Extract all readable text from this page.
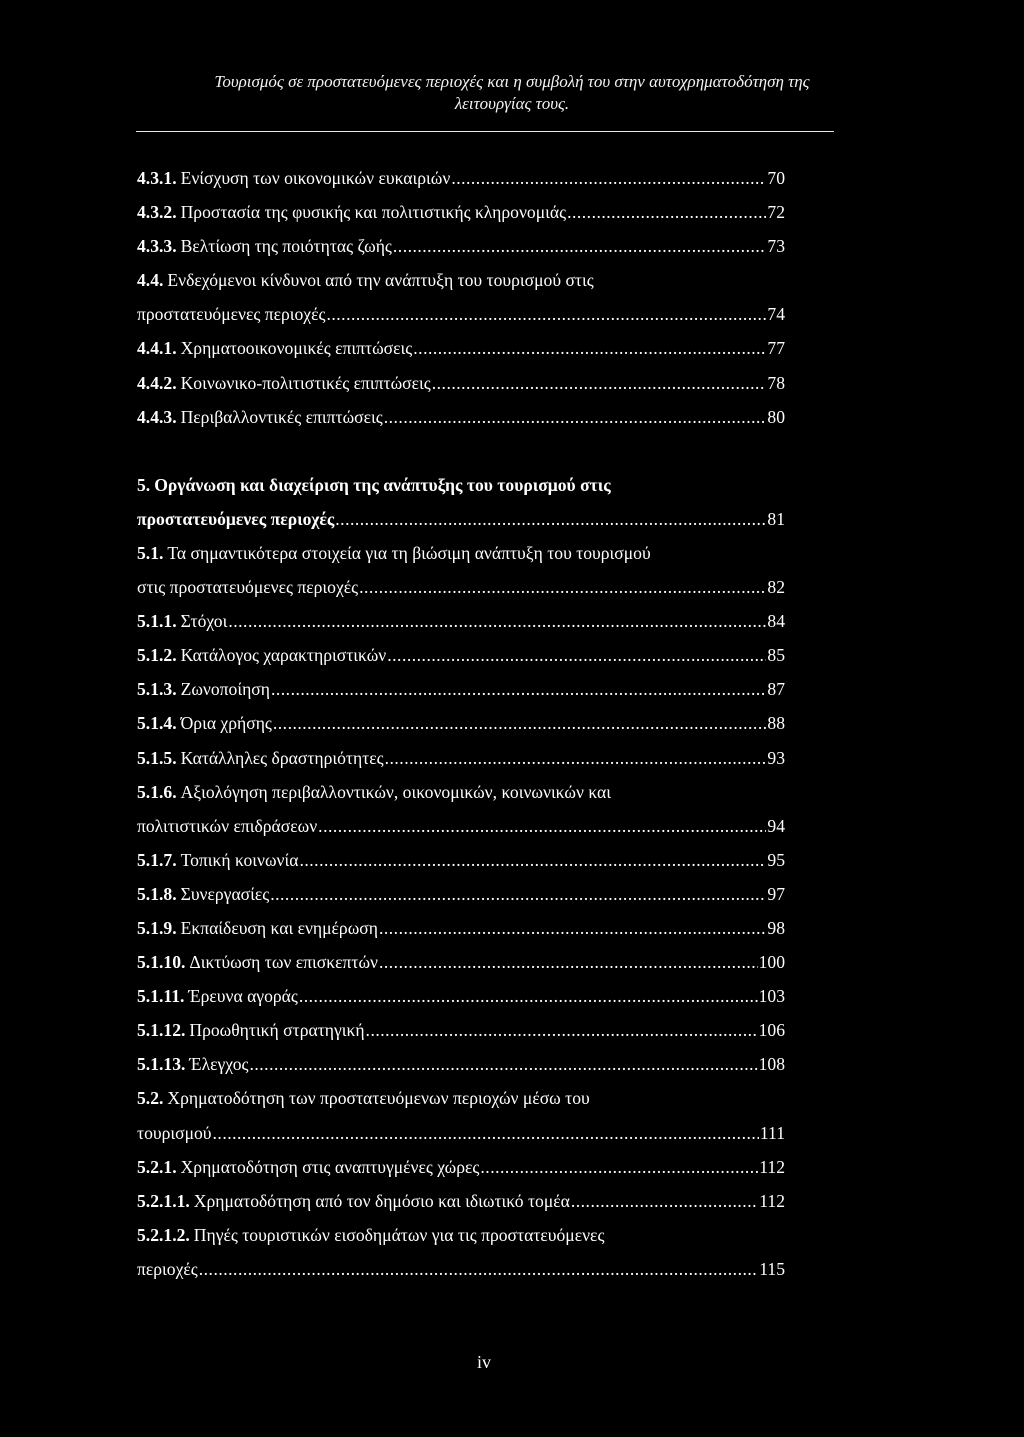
Τουρισμός σε προστατευόμενες περιοχές και η συμβολή του στην αυτοχρηματοδότηση της
λειτουργίας τους.
4.3.1. Ενίσχυση των οικονομικών ευκαιριών .....	70
4.3.2. Προστασία της φυσικής και πολιτιστικής κληρονομιάς .....	72
4.3.3. Βελτίωση της ποιότητας ζωής .....	73
4.4. Ενδεχόμενοι κίνδυνοι από την ανάπτυξη του τουρισμού στις
προστατευόμενες περιοχές .....	74
4.4.1. Χρηματοοικονομικές επιπτώσεις .....	77
4.4.2. Κοινωνικο-πολιτιστικές επιπτώσεις .....	78
4.4.3. Περιβαλλοντικές επιπτώσεις .....	80
5. Οργάνωση και διαχείριση της ανάπτυξης του τουρισμού στις
προστατευόμενες περιοχές .....	81
5.1. Τα σημαντικότερα στοιχεία για τη βιώσιμη ανάπτυξη του τουρισμού
στις προστατευόμενες περιοχές .....	82
5.1.1. Στόχοι .....	84
5.1.2. Κατάλογος χαρακτηριστικών .....	85
5.1.3. Ζωνοποίηση .....	87
5.1.4. Όρια χρήσης .....	88
5.1.5. Κατάλληλες δραστηριότητες .....	93
5.1.6. Αξιολόγηση περιβαλλοντικών, οικονομικών, κοινωνικών και
πολιτιστικών επιδράσεων .....	94
5.1.7. Τοπική κοινωνία .....	95
5.1.8. Συνεργασίες .....	97
5.1.9. Εκπαίδευση και ενημέρωση .....	98
5.1.10. Δικτύωση των επισκεπτών .....	100
5.1.11. Έρευνα αγοράς .....	103
5.1.12. Προωθητική στρατηγική .....	106
5.1.13. Έλεγχος .....	108
5.2. Χρηματοδότηση των προστατευόμενων περιοχών μέσω του
τουρισμού .....	111
5.2.1. Χρηματοδότηση στις αναπτυγμένες χώρες .....	112
5.2.1.1. Χρηματοδότηση από τον δημόσιο και ιδιωτικό τομέα .....	112
5.2.1.2. Πηγές τουριστικών εισοδημάτων για τις προστατευόμενες
περιοχές .....	115
iv
